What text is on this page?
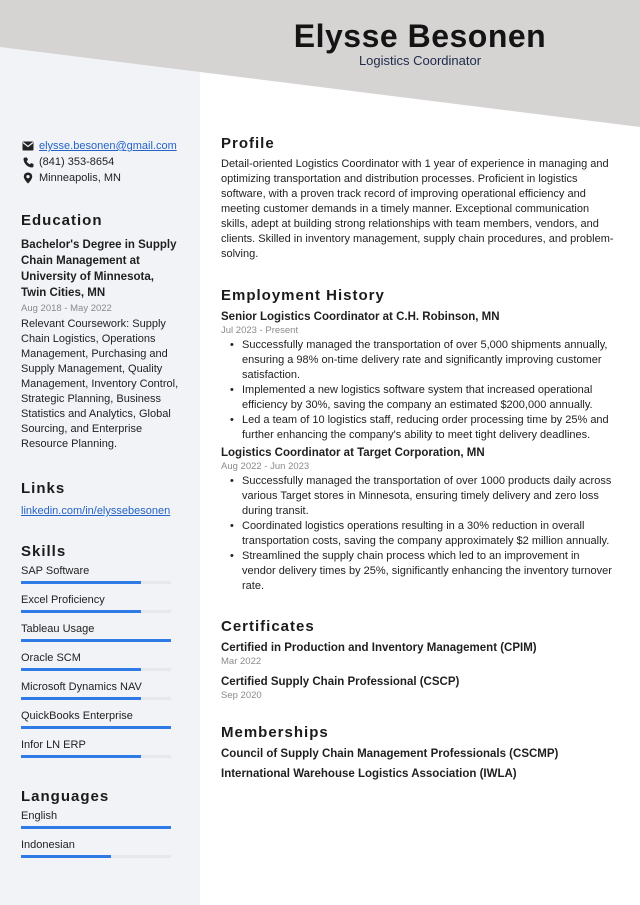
Elysse Besonen
Logistics Coordinator
elysse.besonen@gmail.com
(841) 353-8654
Minneapolis, MN
Education
Bachelor's Degree in Supply Chain Management at University of Minnesota, Twin Cities, MN
Aug 2018 - May 2022
Relevant Coursework: Supply Chain Logistics, Operations Management, Purchasing and Supply Management, Quality Management, Inventory Control, Strategic Planning, Business Statistics and Analytics, Global Sourcing, and Enterprise Resource Planning.
Links
linkedin.com/in/elyssebesonen
Skills
SAP Software
Excel Proficiency
Tableau Usage
Oracle SCM
Microsoft Dynamics NAV
QuickBooks Enterprise
Infor LN ERP
Languages
English
Indonesian
Profile
Detail-oriented Logistics Coordinator with 1 year of experience in managing and optimizing transportation and distribution processes. Proficient in logistics software, with a proven track record of improving operational efficiency and meeting customer demands in a timely manner. Exceptional communication skills, adept at building strong relationships with team members, vendors, and clients. Skilled in inventory management, supply chain procedures, and problem-solving.
Employment History
Senior Logistics Coordinator at C.H. Robinson, MN
Jul 2023 - Present
• Successfully managed the transportation of over 5,000 shipments annually, ensuring a 98% on-time delivery rate and significantly improving customer satisfaction.
• Implemented a new logistics software system that increased operational efficiency by 30%, saving the company an estimated $200,000 annually.
• Led a team of 10 logistics staff, reducing order processing time by 25% and further enhancing the company's ability to meet tight delivery deadlines.
Logistics Coordinator at Target Corporation, MN
Aug 2022 - Jun 2023
• Successfully managed the transportation of over 1000 products daily across various Target stores in Minnesota, ensuring timely delivery and zero loss during transit.
• Coordinated logistics operations resulting in a 30% reduction in overall transportation costs, saving the company approximately $2 million annually.
• Streamlined the supply chain process which led to an improvement in vendor delivery times by 25%, significantly enhancing the inventory turnover rate.
Certificates
Certified in Production and Inventory Management (CPIM)
Mar 2022
Certified Supply Chain Professional (CSCP)
Sep 2020
Memberships
Council of Supply Chain Management Professionals (CSCMP)
International Warehouse Logistics Association (IWLA)
